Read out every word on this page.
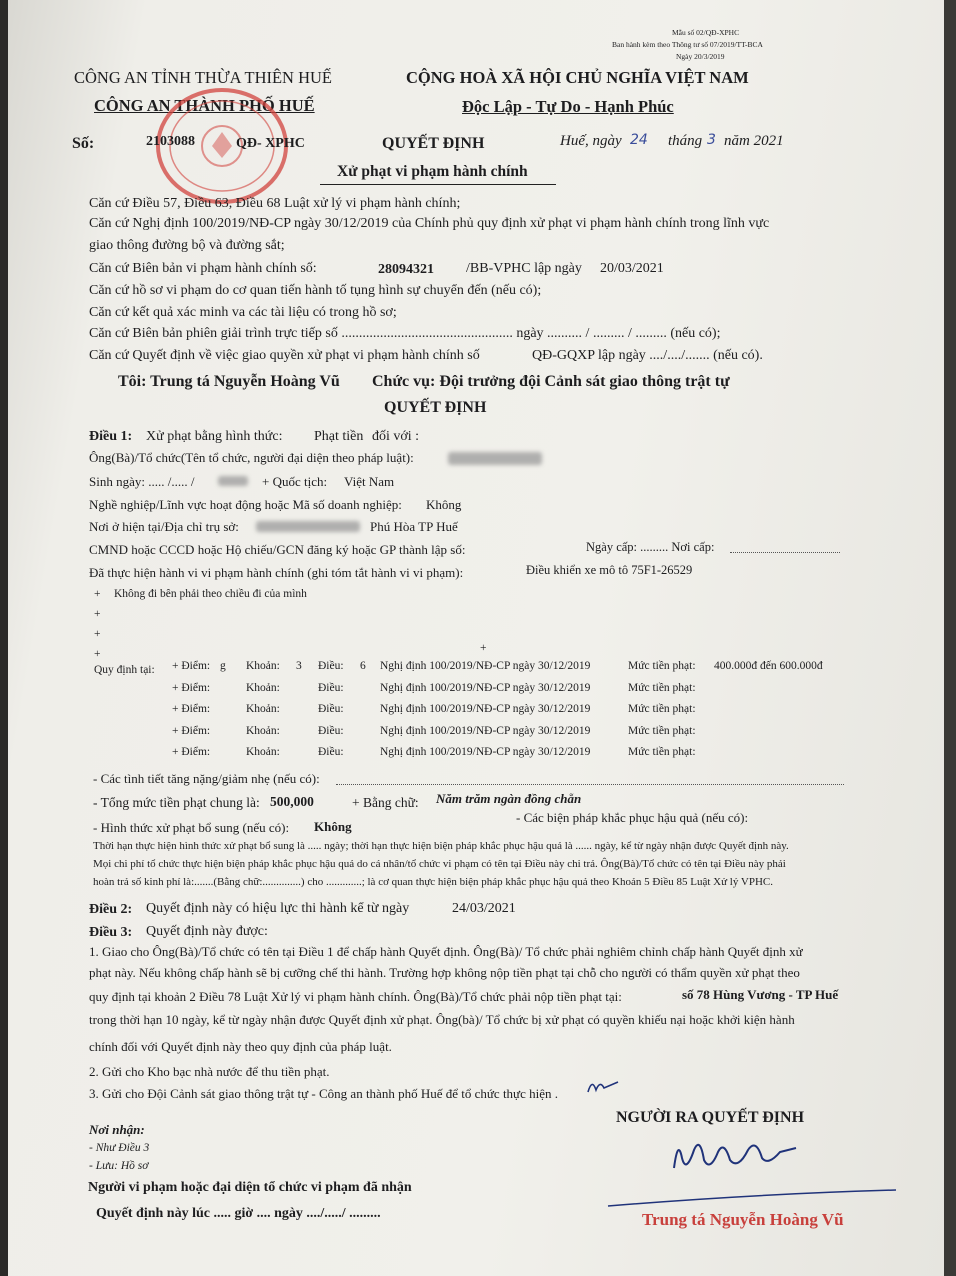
Mẫu số 02/QĐ-XPHC
Ban hành kèm theo Thông tư số 07/2019/TT-BCA
Ngày 20/3/2019
CÔNG AN TỈNH THỪA THIÊN HUẾ
CÔNG AN THÀNH PHỐ HUẾ
CỘNG HOÀ XÃ HỘI CHỦ NGHĨA VIỆT NAM
Độc Lập - Tự Do - Hạnh Phúc
Số:	2103088	QĐ- XPHC	QUYẾT ĐỊNH	Huế, ngày 24 tháng 3 năm 2021
Xử phạt vi phạm hành chính
Căn cứ Điều 57, Điều 63, Điều 68 Luật xử lý vi phạm hành chính;
Căn cứ Nghị định 100/2019/NĐ-CP ngày 30/12/2019 của Chính phủ quy định xử phạt vi phạm hành chính trong lĩnh vực
giao thông đường bộ và đường sắt;
Căn cứ Biên bản vi phạm hành chính số:	28094321 /BB-VPHC lập ngày 20/03/2021
Căn cứ hồ sơ vi phạm do cơ quan tiến hành tố tụng hình sự chuyển đến (nếu có);
Căn cứ kết quả xác minh va các tài liệu có trong hồ sơ;
Căn cứ Biên bản phiên giải trình trực tiếp số ................................................. ngày .......... / ......... / ......... (nếu có);
Căn cứ Quyết định về việc giao quyền xử phạt vi phạm hành chính số	QĐ-GQXP lập ngày ..../..../....... (nếu có).
Tôi: Trung tá Nguyễn Hoàng Vũ Chức vụ: Đội trưởng đội Cảnh sát giao thông trật tự
QUYẾT ĐỊNH
Điều 1: Xử phạt bằng hình thức: Phạt tiền đối với :
Ông(Bà)/Tổ chức(Tên tổ chức, người đại diện theo pháp luật):
Sinh ngày: ..... /..... /	+ Quốc tịch: Việt Nam
Nghề nghiệp/Lĩnh vực hoạt động hoặc Mã số doanh nghiệp: Không
Nơi ở hiện tại/Địa chỉ trụ sở:	Phú Hòa TP Huế
CMND hoặc CCCD hoặc Hộ chiếu/GCN đăng ký hoặc GP thành lập số:	Ngày cấp: ......... Nơi cấp:
Đã thực hiện hành vi vi phạm hành chính (ghi tóm tắt hành vi vi phạm):	Điều khiển xe mô tô 75F1-26529
+ Không đi bên phải theo chiều đi của mình
+
+
+	+
Quy định tại: + Điểm: g Khoản: 3 Điều: 6 Nghị định 100/2019/NĐ-CP ngày 30/12/2019	Mức tiền phạt: 400.000đ đến 600.000đ
+ Điểm:	Khoản:	Điều:	Nghị định 100/2019/NĐ-CP ngày 30/12/2019	Mức tiền phạt:
+ Điểm:	Khoản:	Điều:	Nghị định 100/2019/NĐ-CP ngày 30/12/2019	Mức tiền phạt:
+ Điểm:	Khoản:	Điều:	Nghị định 100/2019/NĐ-CP ngày 30/12/2019	Mức tiền phạt:
+ Điểm:	Khoản:	Điều:	Nghị định 100/2019/NĐ-CP ngày 30/12/2019	Mức tiền phạt:
- Các tình tiết tăng nặng/giảm nhẹ (nếu có):
- Tổng mức tiền phạt chung là: 500,000	+ Bằng chữ: Năm trăm ngàn đồng chẵn
- Các biện pháp khắc phục hậu quả (nếu có):
- Hình thức xử phạt bổ sung (nếu có): Không
Thời hạn thực hiện hình thức xử phạt bổ sung là ..... ngày; thời hạn thực hiện biện pháp khắc phục hậu quả là ...... ngày, kể từ ngày nhận được Quyết định này.
Mọi chi phí tổ chức thực hiện biện pháp khắc phục hậu quả do cá nhân/tổ chức vi phạm có tên tại Điều này chi trả. Ông(Bà)/Tổ chức có tên tại Điều này phải
hoàn trả số kinh phí là:.......(Bằng chữ:..............) cho .............; là cơ quan thực hiện biện pháp khắc phục hậu quả theo Khoản 5 Điều 85 Luật Xử lý VPHC.
Điều 2: Quyết định này có hiệu lực thi hành kể từ ngày	24/03/2021
Điều 3: Quyết định này được:
1. Giao cho Ông(Bà)/Tổ chức có tên tại Điều 1 để chấp hành Quyết định. Ông(Bà)/ Tổ chức phải nghiêm chỉnh chấp hành Quyết định xử
phạt này. Nếu không chấp hành sẽ bị cưỡng chế thi hành. Trường hợp không nộp tiền phạt tại chỗ cho người có thẩm quyền xử phạt theo
quy định tại khoản 2 Điều 78 Luật Xử lý vi phạm hành chính. Ông(Bà)/Tổ chức phải nộp tiền phạt tại:	số 78 Hùng Vương - TP Huế
trong thời hạn 10 ngày, kể từ ngày nhận được Quyết định xử phạt. Ông(bà)/ Tổ chức bị xử phạt có quyền khiếu nại hoặc khởi kiện hành
chính đối với Quyết định này theo quy định của pháp luật.
2. Gửi cho Kho bạc nhà nước để thu tiền phạt.
3. Gửi cho Đội Cảnh sát giao thông trật tự - Công an thành phố Huế để tổ chức thực hiện .
Nơi nhận:
- Như Điều 3
- Lưu: Hồ sơ
Người vi phạm hoặc đại diện tổ chức vi phạm đã nhận
Quyết định này lúc ..... giờ .... ngày ..../...../ .........
NGƯỜI RA QUYẾT ĐỊNH
Trung tá Nguyễn Hoàng Vũ
